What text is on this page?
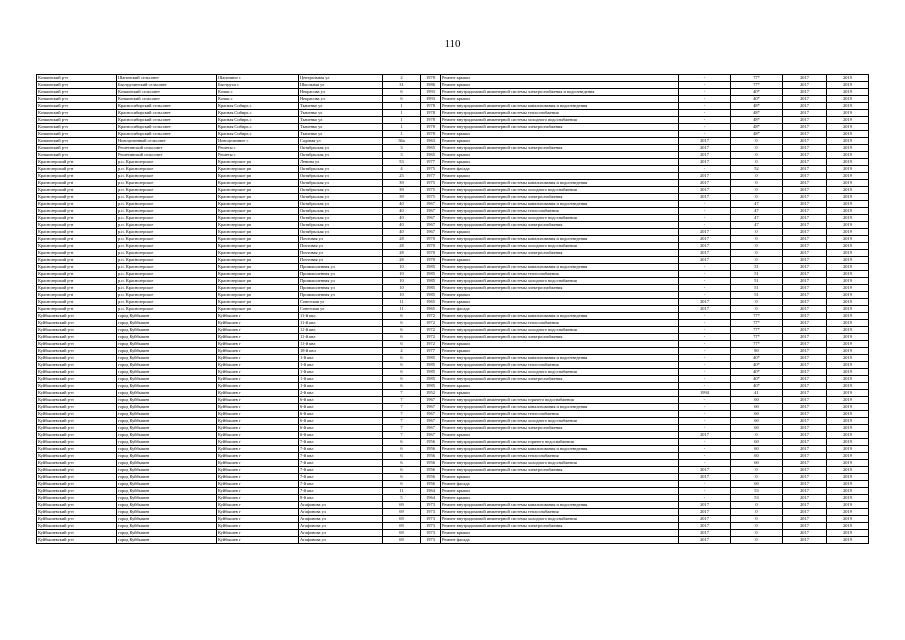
110
Кочкинский р-н	Шагинский сельсовет	Шагинино с	Центральная ул	2	1978	Ремонт крыши	-	77*	2017	2019
Кочкинский р-н	Быструхинский сельсовет	Быструха с	Школьная ул	31	1986	Ремонт крыши	-	77*	2017	2019
Кочкинский р-н	Кочкинский сельсовет	Кочки с	Некрасова ул	6	1993	Ремонт внутридомовой инженерной системы электроснабжения и водоотведения	-	40*	2017	2019
Кочкинский р-н	Кочкинский сельсовет	Кочки с	Некрасова ул	6	1993	Ремонт крыши	-	40*	2017	2019
Кочкинский р-н	Красносибирский сельсовет	Красная Сибирь с	Ткаченко ул	1	1978	Ремонт внутридомовой инженерной системы канализования и водоотведения	-	48*	2017	2019
Кочкинский р-н	Красносибирский сельсовет	Красная Сибирь с	Ткаченко ул	1	1978	Ремонт внутридомовой инженерной системы теплоснабжения	-	48*	2017	2019
Кочкинский р-н	Красносибирский сельсовет	Красная Сибирь с	Ткаченко ул	1	1978	Ремонт внутридомовой инженерной системы холодного водоснабжения	-	48*	2017	2019
Кочкинский р-н	Красносибирский сельсовет	Красная Сибирь с	Ткаченко ул	1	1978	Ремонт внутридомовой инженерной системы электроснабжения	-	48*	2017	2019
Кочкинский р-н	Красносибирский сельсовет	Красная Сибирь с	Ткаченко ул	1	1978	Ремонт крыши	-	48*	2017	2019
Кочкинский р-н	Новоцелинный сельсовет	Новоцелинное с	Садовая ул	36а	1963	Ремонт крыши	2017	0	2017	2019
Кочкинский р-н	Решетинский сельсовет	Решеты с	Октябрьская ул	3	1965	Ремонт внутридомовой инженерной системы электроснабжения	2017	0	2017	2019
Кочкинский р-н	Решетинский сельсовет	Решеты с	Октябрьская ул	3	1965	Ремонт крыши	2017	0	2017	2019
Краснозерский р-н	р.п. Краснозерское	Краснозерское рп	Ленина ул	53	1977	Ремонт крыши	2017	0	2017	2019
Краснозерский р-н	р.п. Краснозерское	Краснозерское рп	Октябрьская ул	4	1975	Ремонт фасада	-	52	2017	2019
Краснозерский р-н	р.п. Краснозерское	Краснозерское рп	Октябрьская ул	25	1977	Ремонт крыши	2017	0	2017	2019
Краснозерский р-н	р.п. Краснозерское	Краснозерское рп	Октябрьская ул	39	1975	Ремонт внутридомовой инженерной системы канализования и водоотведения	2017	0	2017	2019
Краснозерский р-н	р.п. Краснозерское	Краснозерское рп	Октябрьская ул	39	1975	Ремонт внутридомовой инженерной системы холодного водоснабжения	2017	0	2017	2019
Краснозерский р-н	р.п. Краснозерское	Краснозерское рп	Октябрьская ул	39	1975	Ремонт внутридомовой инженерной системы электроснабжения	2017	0	2017	2019
Краснозерский р-н	р.п. Краснозерское	Краснозерское рп	Октябрьская ул	40	1967	Ремонт внутридомовой инженерной системы канализования и водоотведения	-	47	2017	2019
Краснозерский р-н	р.п. Краснозерское	Краснозерское рп	Октябрьская ул	40	1967	Ремонт внутридомовой инженерной системы теплоснабжения	-	47	2017	2019
Краснозерский р-н	р.п. Краснозерское	Краснозерское рп	Октябрьская ул	40	1967	Ремонт внутридомовой инженерной системы холодного водоснабжения	-	47	2017	2019
Краснозерский р-н	р.п. Краснозерское	Краснозерское рп	Октябрьская ул	40	1967	Ремонт внутридомовой инженерной системы электроснабжения	-	47	2017	2019
Краснозерский р-н	р.п. Краснозерское	Краснозерское рп	Октябрьская ул	40	1967	Ремонт крыши	2017	0	2017	2019
Краснозерский р-н	р.п. Краснозерское	Краснозерское рп	Почтовая ул	28	1970	Ремонт внутридомовой инженерной системы канализования и водоотведения	2017	0	2017	2019
Краснозерский р-н	р.п. Краснозерское	Краснозерское рп	Почтовая ул	28	1970	Ремонт внутридомовой инженерной системы холодного водоснабжения	2017	0	2017	2019
Краснозерский р-н	р.п. Краснозерское	Краснозерское рп	Почтовая ул	28	1970	Ремонт внутридомовой инженерной системы электроснабжения	2017	0	2017	2019
Краснозерский р-н	р.п. Краснозерское	Краснозерское рп	Почтовая ул	28	1970	Ремонт крыши	2017	0	2017	2019
Краснозерский р-н	р.п. Краснозерское	Краснозерское рп	Промышленная ул	10	1985	Ремонт внутридомовой инженерной системы канализования и водоотведения	-	51	2017	2019
Краснозерский р-н	р.п. Краснозерское	Краснозерское рп	Промышленная ул	10	1985	Ремонт внутридомовой инженерной системы теплоснабжения	-	51	2017	2019
Краснозерский р-н	р.п. Краснозерское	Краснозерское рп	Промышленная ул	10	1985	Ремонт внутридомовой инженерной системы холодного водоснабжения	-	51	2017	2019
Краснозерский р-н	р.п. Краснозерское	Краснозерское рп	Промышленная ул	10	1985	Ремонт внутридомовой инженерной системы электроснабжения	-	51	2017	2019
Краснозерский р-н	р.п. Краснозерское	Краснозерское рп	Промышленная ул	10	1985	Ремонт крыши	-	51	2017	2019
Краснозерский р-н	р.п. Краснозерское	Краснозерское рп	Советская ул	11	1965	Ремонт крыши	2017	0	2017	2019
Краснозерский р-н	р.п. Краснозерское	Краснозерское рп	Советская ул	11	1965	Ремонт фасада	2017	0	2017	2019
Куйбышевский р-н	город Куйбышев	Куйбышев г	11-й квл	6	1972	Ремонт внутридомовой инженерной системы канализования и водоотведения	-	77*	2017	2019
Куйбышевский р-н	город Куйбышев	Куйбышев г	11-й квл	6	1972	Ремонт внутридомовой инженерной системы теплоснабжения	-	77*	2017	2019
Куйбышевский р-н	город Куйбышев	Куйбышев г	11-й квл	6	1972	Ремонт внутридомовой инженерной системы холодного водоснабжения	-	77*	2017	2019
Куйбышевский р-н	город Куйбышев	Куйбышев г	11-й квл	6	1972	Ремонт внутридомовой инженерной системы электроснабжения	-	77*	2017	2019
Куйбышевский р-н	город Куйбышев	Куйбышев г	11-й квл	6	1972	Ремонт крыши	-	77*	2017	2019
Куйбышевский р-н	город Куйбышев	Куйбышев г	18-й квл	4	1977	Ремонт крыши	-	80	2017	2019
Куйбышевский р-н	город Куйбышев	Куйбышев г	1-й квл	6	1985	Ремонт внутридомовой инженерной системы канализования и водоотведения	-	40*	2017	2019
Куйбышевский р-н	город Куйбышев	Куйбышев г	1-й квл	6	1985	Ремонт внутридомовой инженерной системы теплоснабжения	-	40*	2017	2019
Куйбышевский р-н	город Куйбышев	Куйбышев г	1-й квл	6	1985	Ремонт внутридомовой инженерной системы холодного водоснабжения	-	40*	2017	2019
Куйбышевский р-н	город Куйбышев	Куйбышев г	1-й квл	6	1985	Ремонт внутридомовой инженерной системы электроснабжения	-	40*	2017	2019
Куйбышевский р-н	город Куйбышев	Куйбышев г	1-й квл	6	1985	Ремонт крыши	-	40*	2017	2019
Куйбышевский р-н	город Куйбышев	Куйбышев г	2-й квл	7	1952	Ремонт крыши	1994	41	2017	2019
Куйбышевский р-н	город Куйбышев	Куйбышев г	6-й квл	7	1967	Ремонт внутридомовой инженерной системы горячего водоснабжения	-	60	2017	2019
Куйбышевский р-н	город Куйбышев	Куйбышев г	6-й квл	7	1967	Ремонт внутридомовой инженерной системы канализования и водоотведения	-	60	2017	2019
Куйбышевский р-н	город Куйбышев	Куйбышев г	6-й квл	7	1967	Ремонт внутридомовой инженерной системы теплоснабжения	-	60	2017	2019
Куйбышевский р-н	город Куйбышев	Куйбышев г	6-й квл	7	1967	Ремонт внутридомовой инженерной системы холодного водоснабжения	-	60	2017	2019
Куйбышевский р-н	город Куйбышев	Куйбышев г	6-й квл	7	1967	Ремонт внутридомовой инженерной системы электроснабжения	-	60	2017	2019
Куйбышевский р-н	город Куйбышев	Куйбышев г	6-й квл	7	1967	Ремонт крыши	2017	0	2017	2019
Куйбышевский р-н	город Куйбышев	Куйбышев г	7-й квл	6	1956	Ремонт внутридомовой инженерной системы горячего водоснабжения	-	60	2017	2019
Куйбышевский р-н	город Куйбышев	Куйбышев г	7-й квл	6	1956	Ремонт внутридомовой инженерной системы канализования и водоотведения	-	60	2017	2019
Куйбышевский р-н	город Куйбышев	Куйбышев г	7-й квл	6	1956	Ремонт внутридомовой инженерной системы теплоснабжения	-	60	2017	2019
Куйбышевский р-н	город Куйбышев	Куйбышев г	7-й квл	6	1956	Ремонт внутридомовой инженерной системы холодного водоснабжения	-	60	2017	2019
Куйбышевский р-н	город Куйбышев	Куйбышев г	7-й квл	6	1956	Ремонт внутридомовой инженерной системы электроснабжения	2017	0	2017	2019
Куйбышевский р-н	город Куйбышев	Куйбышев г	7-й квл	6	1956	Ремонт крыши	2017	0	2017	2019
Куйбышевский р-н	город Куйбышев	Куйбышев г	7-й квл	6	1956	Ремонт фасада	-	60	2017	2019
Куйбышевский р-н	город Куйбышев	Куйбышев г	7-й квл	11	1964	Ремонт крыши	-	53	2017	2019
Куйбышевский р-н	город Куйбышев	Куйбышев г	8-й квл	5	1964	Ремонт крыши	-	53	2017	2019
Куйбышевский р-н	город Куйбышев	Куйбышев г	Агафонова ул	69	1973	Ремонт внутридомовой инженерной системы канализования и водоотведения	2017	0	2017	2019
Куйбышевский р-н	город Куйбышев	Куйбышев г	Агафонова ул	69	1973	Ремонт внутридомовой инженерной системы теплоснабжения	2017	0	2017	2019
Куйбышевский р-н	город Куйбышев	Куйбышев г	Агафонова ул	69	1973	Ремонт внутридомовой инженерной системы холодного водоснабжения	2017	0	2017	2019
Куйбышевский р-н	город Куйбышев	Куйбышев г	Агафонова ул	69	1973	Ремонт внутридомовой инженерной системы электроснабжения	2017	0	2017	2019
Куйбышевский р-н	город Куйбышев	Куйбышев г	Агафонова ул	69	1973	Ремонт крыши	2017	0	2017	2019
Куйбышевский р-н	город Куйбышев	Куйбышев г	Агафонова ул	69	1973	Ремонт фасада	2017	0	2017	2019
